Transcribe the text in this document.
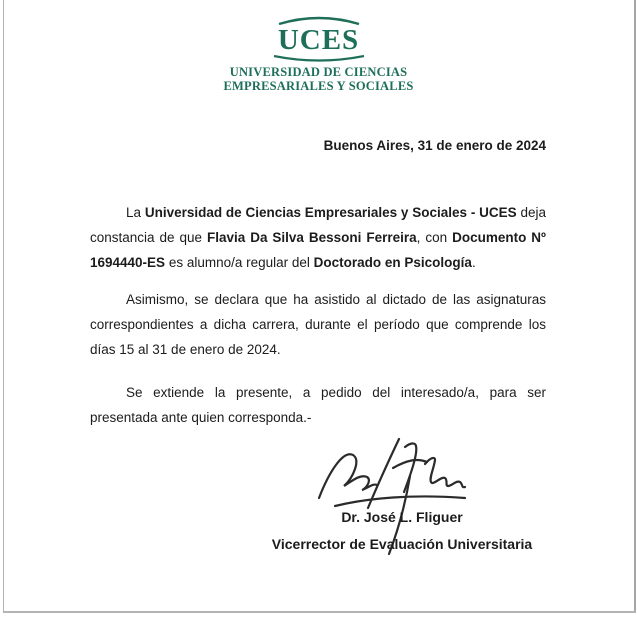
UCES
UNIVERSIDAD DE CIENCIAS
EMPRESARIALES Y SOCIALES
Buenos Aires, 31 de enero de 2024

La Universidad de Ciencias Empresariales y Sociales - UCES deja constancia de que Flavia Da Silva Bessoni Ferreira, con Documento Nº 1694440-ES es alumno/a regular del Doctorado en Psicología.

Asimismo, se declara que ha asistido al dictado de las asignaturas correspondientes a dicha carrera, durante el período que comprende los días 15 al 31 de enero de 2024.

Se extiende la presente, a pedido del interesado/a, para ser presentada ante quien corresponda.-

Dr. José L. Fliguer
Vicerrector de Evaluación Universitaria
